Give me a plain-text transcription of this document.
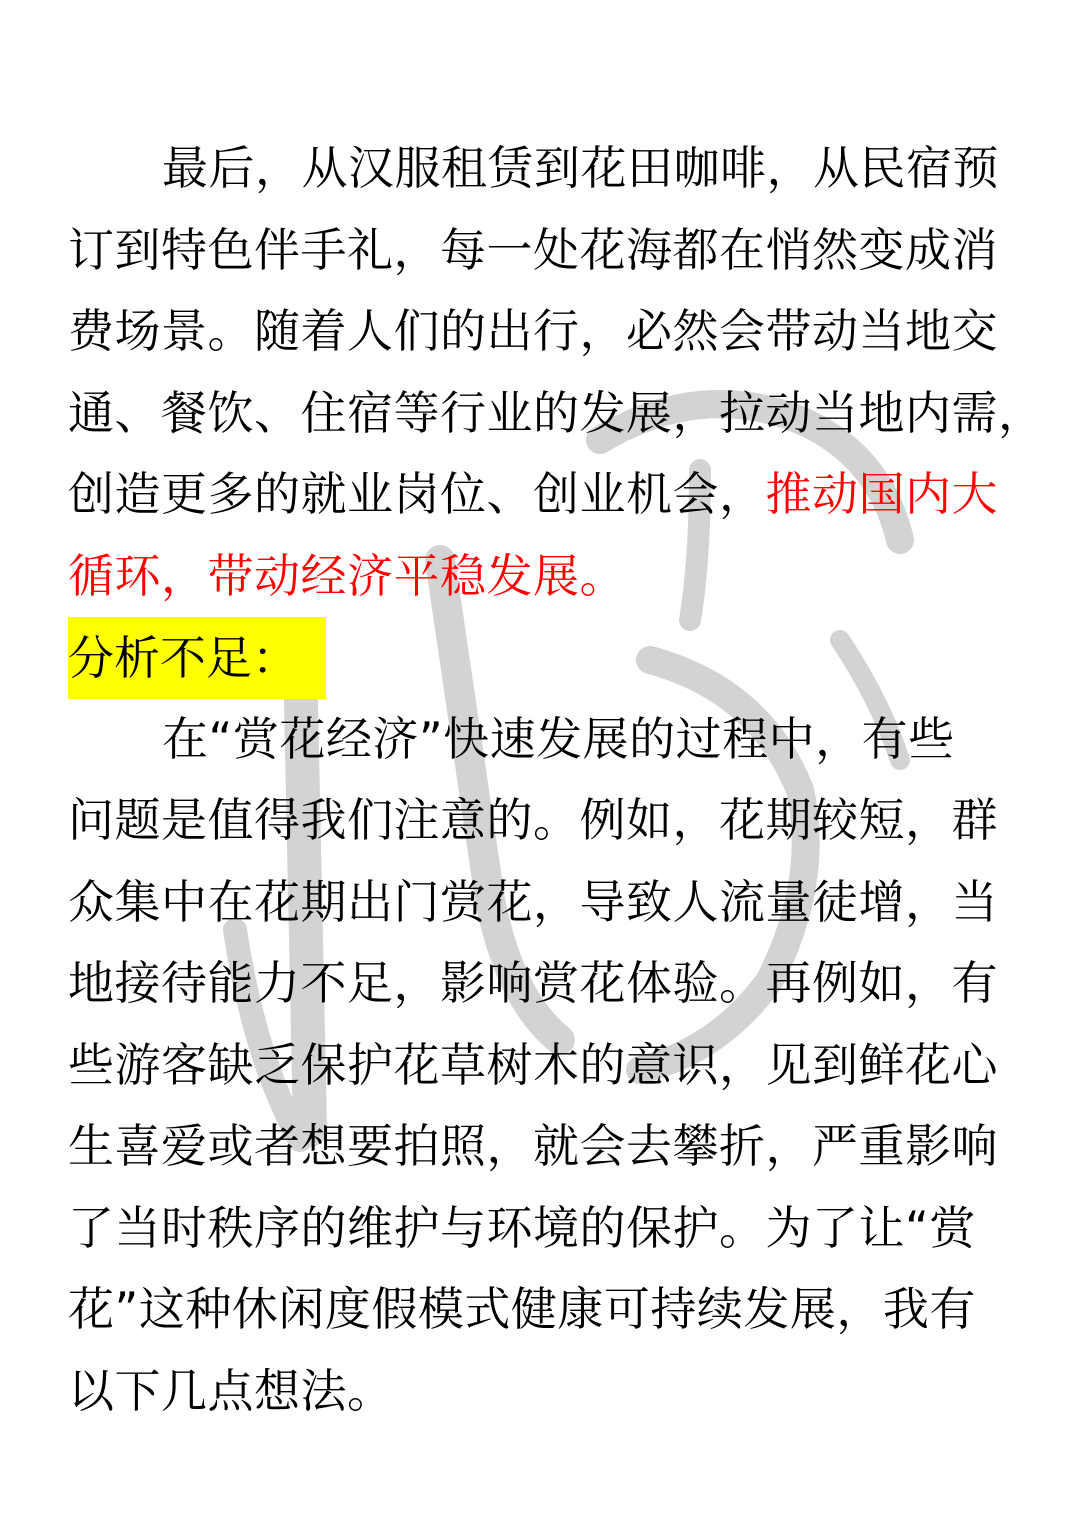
最后，从汉服租赁到花田咖啡，从民宿预
订到特色伴手礼，每一处花海都在悄然变成消
费场景。随着人们的出行，必然会带动当地交
通、餐饮、住宿等行业的发展，拉动当地内需，
创造更多的就业岗位、创业机会，推动国内大
循环，带动经济平稳发展。
分析不足：
在“赏花经济”快速发展的过程中，有些
问题是值得我们注意的。例如，花期较短，群
众集中在花期出门赏花，导致人流量徒增，当
地接待能力不足，影响赏花体验。再例如，有
些游客缺乏保护花草树木的意识，见到鲜花心
生喜爱或者想要拍照，就会去攀折，严重影响
了当时秩序的维护与环境的保护。为了让“赏
花”这种休闲度假模式健康可持续发展，我有
以下几点想法。
